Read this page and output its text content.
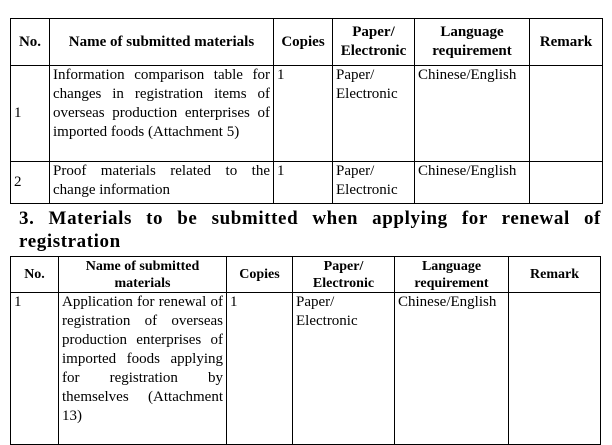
No.	Name of submitted materials	Copies	Paper/ Electronic	Language requirement	Remark
1	Information comparison table for changes in registration items of overseas production enterprises of imported foods (Attachment 5)	1	Paper/ Electronic	Chinese/English	
2	Proof materials related to the change information	1	Paper/ Electronic	Chinese/English	
3. Materials to be submitted when applying for renewal of registration
No.	Name of submitted materials	Copies	Paper/ Electronic	Language requirement	Remark
1	Application for renewal of registration of overseas production enterprises of imported foods applying for registration by themselves (Attachment 13)	1	Paper/ Electronic	Chinese/English	
